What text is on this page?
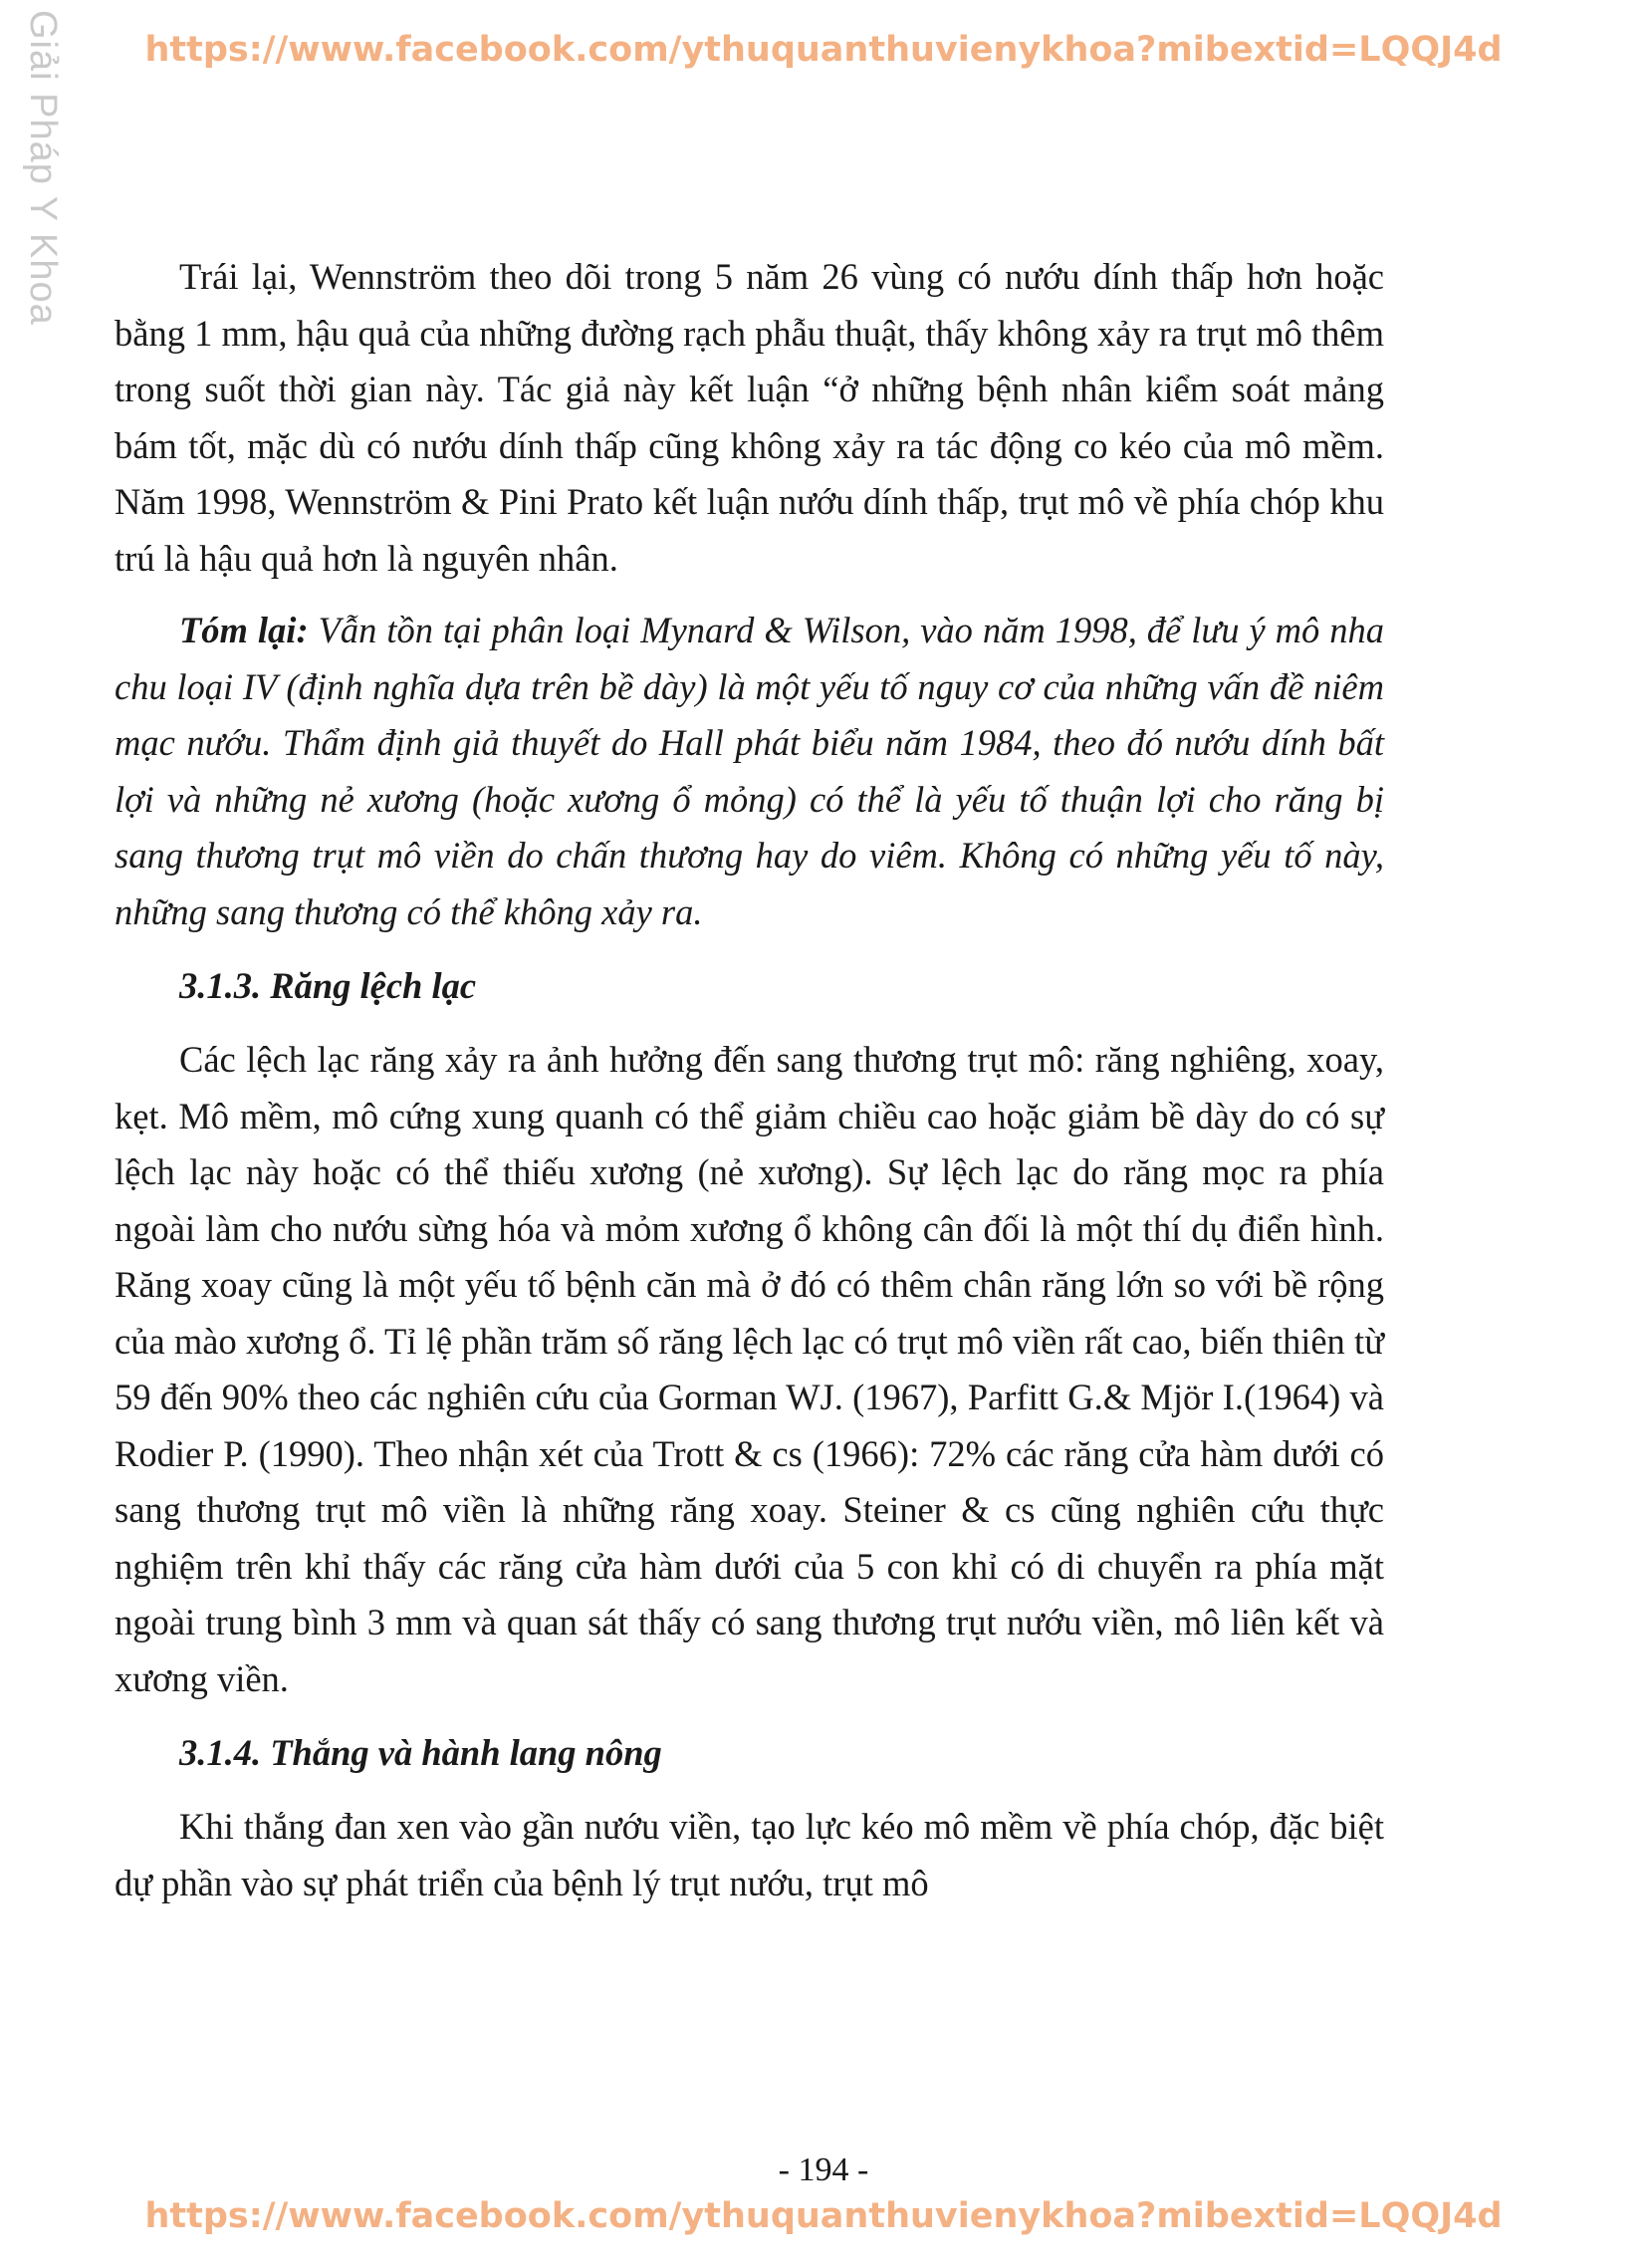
Giải Pháp Y Khoa	https://www.facebook.com/ythuquanthuvienykhoa?mibextid=LQQJ4d

Trái lại, Wennström theo dõi trong 5 năm 26 vùng có nướu dính thấp hơn hoặc bằng 1 mm, hậu quả của những đường rạch phẫu thuật, thấy không xảy ra trụt mô thêm trong suốt thời gian này. Tác giả này kết luận “ở những bệnh nhân kiểm soát mảng bám tốt, mặc dù có nướu dính thấp cũng không xảy ra tác động co kéo của mô mềm. Năm 1998, Wennström & Pini Prato kết luận nướu dính thấp, trụt mô về phía chóp khu trú là hậu quả hơn là nguyên nhân.

Tóm lại: Vẫn tồn tại phân loại Mynard & Wilson, vào năm 1998, để lưu ý mô nha chu loại IV (định nghĩa dựa trên bề dày) là một yếu tố nguy cơ của những vấn đề niêm mạc nướu. Thẩm định giả thuyết do Hall phát biểu năm 1984, theo đó nướu dính bất lợi và những nẻ xương (hoặc xương ổ mỏng) có thể là yếu tố thuận lợi cho răng bị sang thương trụt mô viền do chấn thương hay do viêm. Không có những yếu tố này, những sang thương có thể không xảy ra.

3.1.3. Răng lệch lạc

Các lệch lạc răng xảy ra ảnh hưởng đến sang thương trụt mô: răng nghiêng, xoay, kẹt. Mô mềm, mô cứng xung quanh có thể giảm chiều cao hoặc giảm bề dày do có sự lệch lạc này hoặc có thể thiếu xương (nẻ xương). Sự lệch lạc do răng mọc ra phía ngoài làm cho nướu sừng hóa và mỏm xương ổ không cân đối là một thí dụ điển hình. Răng xoay cũng là một yếu tố bệnh căn mà ở đó có thêm chân răng lớn so với bề rộng của mào xương ổ. Tỉ lệ phần trăm số răng lệch lạc có trụt mô viền rất cao, biến thiên từ 59 đến 90% theo các nghiên cứu của Gorman WJ. (1967), Parfitt G.& Mjör I.(1964) và Rodier P. (1990). Theo nhận xét của Trott & cs (1966): 72% các răng cửa hàm dưới có sang thương trụt mô viền là những răng xoay. Steiner & cs cũng nghiên cứu thực nghiệm trên khỉ thấy các răng cửa hàm dưới của 5 con khỉ có di chuyển ra phía mặt ngoài trung bình 3 mm và quan sát thấy có sang thương trụt nướu viền, mô liên kết và xương viền.

3.1.4. Thắng và hành lang nông

Khi thắng đan xen vào gần nướu viền, tạo lực kéo mô mềm về phía chóp, đặc biệt dự phần vào sự phát triển của bệnh lý trụt nướu, trụt mô

- 194 -
https://www.facebook.com/ythuquanthuvienykhoa?mibextid=LQQJ4d
